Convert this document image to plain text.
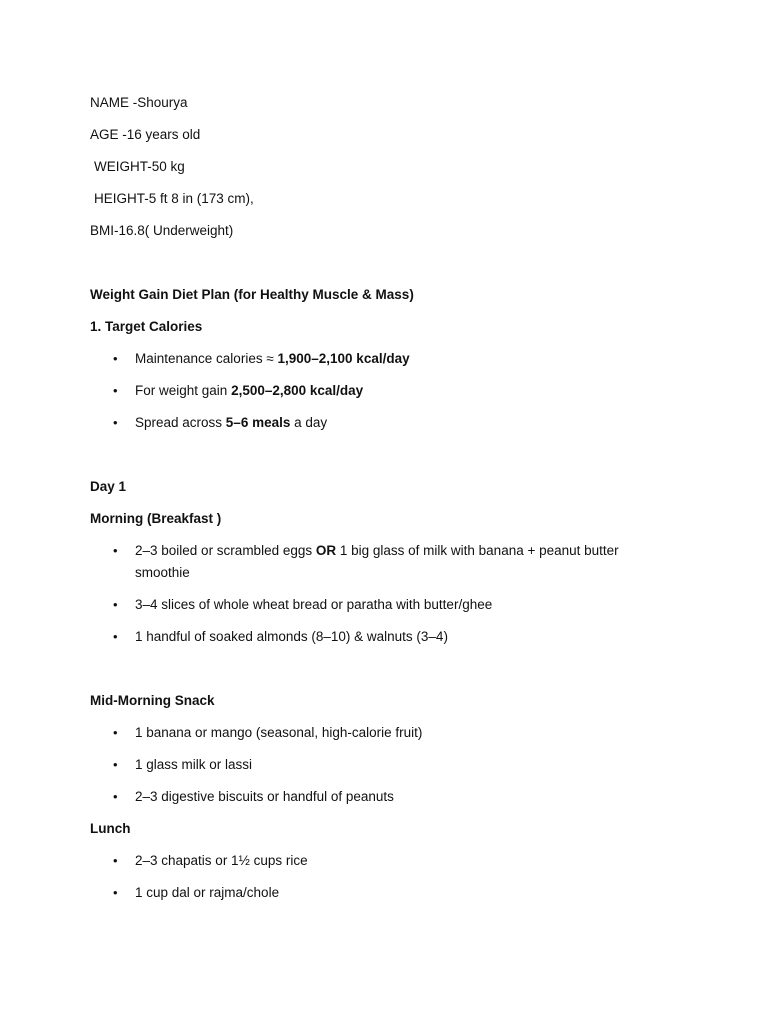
NAME -Shourya
AGE -16 years old
WEIGHT-50 kg
HEIGHT-5 ft 8 in (173 cm),
BMI-16.8( Underweight)
Weight Gain Diet Plan (for Healthy Muscle & Mass)
1. Target Calories
•	Maintenance calories ≈ 1,900–2,100 kcal/day
•	For weight gain 2,500–2,800 kcal/day
•	Spread across 5–6 meals a day
Day 1
Morning (Breakfast )
•	2–3 boiled or scrambled eggs OR 1 big glass of milk with banana + peanut butter smoothie
•	3–4 slices of whole wheat bread or paratha with butter/ghee
•	1 handful of soaked almonds (8–10) & walnuts (3–4)
Mid-Morning Snack
•	1 banana or mango (seasonal, high-calorie fruit)
•	1 glass milk or lassi
•	2–3 digestive biscuits or handful of peanuts
Lunch
•	2–3 chapatis or 1½ cups rice
•	1 cup dal or rajma/chole
